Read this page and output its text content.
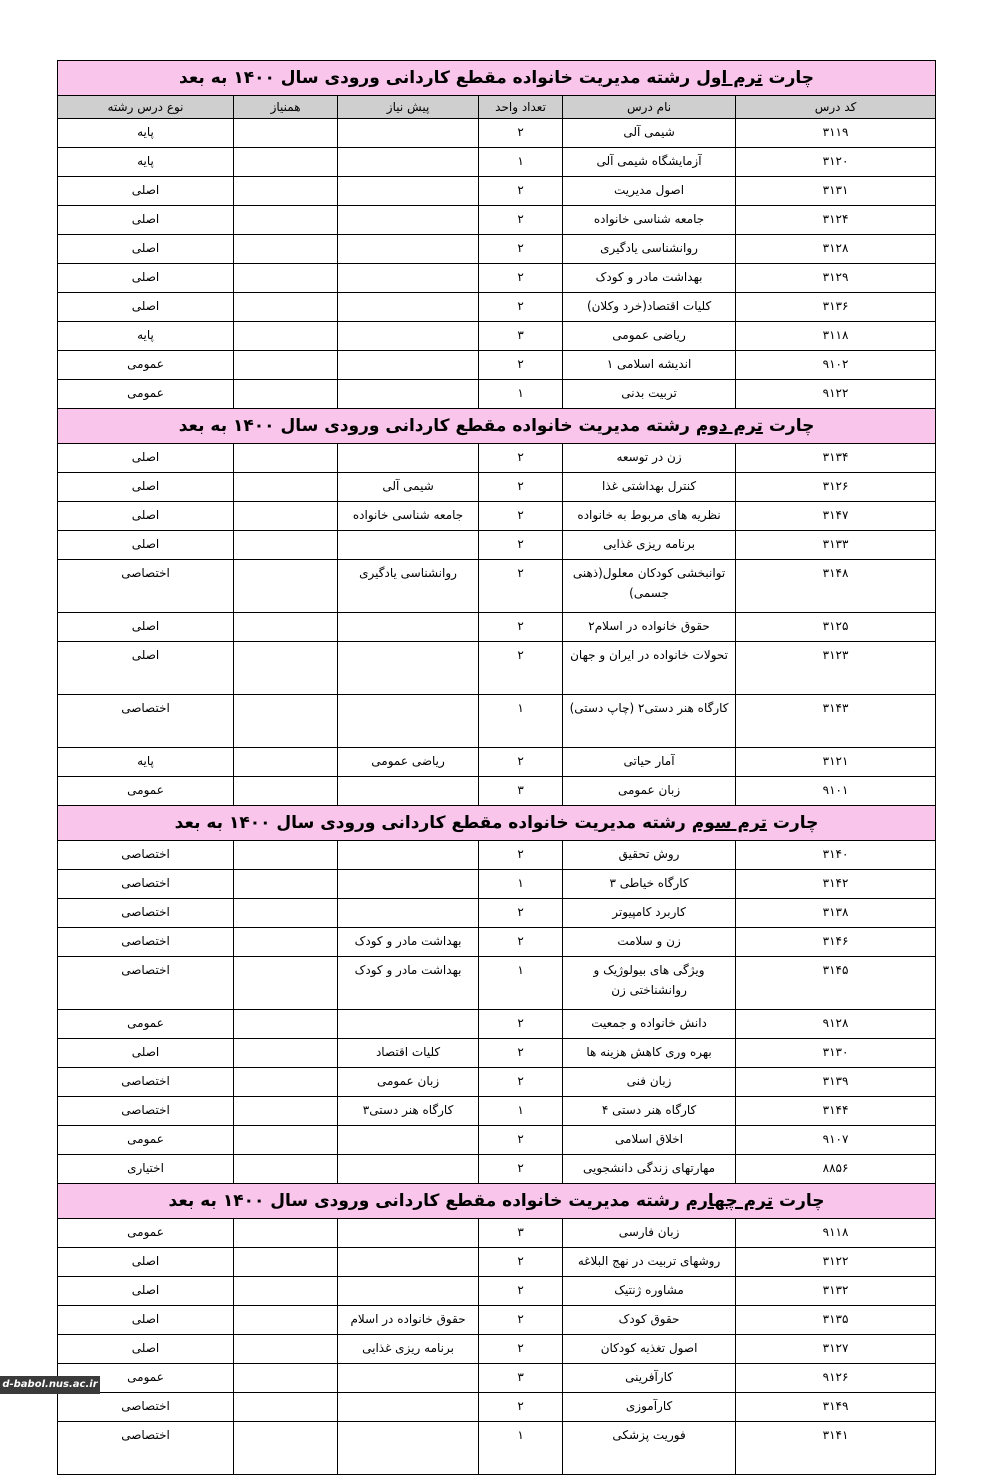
چارت ترم اول رشته مدیریت خانواده مقطع کاردانی ورودی سال ۱۴۰۰ به بعد					
کد درس	نام درس	تعداد واحد	پیش نیاز	همنیاز	نوع درس رشته
۳۱۱۹	شیمی آلی	۲			پایه
۳۱۲۰	آزمایشگاه شیمی آلی	۱			پایه
۳۱۳۱	اصول مدیریت	۲			اصلی
۳۱۲۴	جامعه شناسی خانواده	۲			اصلی
۳۱۲۸	روانشناسی یادگیری	۲			اصلی
۳۱۲۹	بهداشت مادر و کودک	۲			اصلی
۳۱۳۶	کلیات اقتصاد(خرد وکلان)	۲			اصلی
۳۱۱۸	ریاضی عمومی	۳			پایه
۹۱۰۲	اندیشه اسلامی ۱	۲			عمومی
۹۱۲۲	تربیت بدنی	۱			عمومی
چارت ترم دوم رشته مدیریت خانواده مقطع کاردانی ورودی سال ۱۴۰۰ به بعد					
۳۱۳۴	زن در توسعه	۲			اصلی
۳۱۲۶	کنترل بهداشتی غذا	۲	شیمی آلی		اصلی
۳۱۴۷	نظریه های مربوط به خانواده	۲	جامعه شناسی خانواده		اصلی
۳۱۳۳	برنامه ریزی غذایی	۲			اصلی
۳۱۴۸	توانبخشی کودکان معلول(ذهنی جسمی)	۲	روانشناسی یادگیری		اختصاصی
۳۱۲۵	حقوق خانواده در اسلام۲	۲			اصلی
۳۱۲۳	تحولات خانواده در ایران و جهان	۲			اصلی
۳۱۴۳	کارگاه هنر دستی۲ (چاپ دستی)	۱			اختصاصی
۳۱۲۱	آمار حیاتی	۲	ریاضی عمومی		پایه
۹۱۰۱	زبان عمومی	۳			عمومی
چارت ترم سوم رشته مدیریت خانواده مقطع کاردانی ورودی سال ۱۴۰۰ به بعد					
۳۱۴۰	روش تحقیق	۲			اختصاصی
۳۱۴۲	کارگاه خیاطی ۳	۱			اختصاصی
۳۱۳۸	کاربرد کامپیوتر	۲			اختصاصی
۳۱۴۶	زن و سلامت	۲	بهداشت مادر و کودک		اختصاصی
۳۱۴۵	ویژگی های بیولوژیک و روانشناختی زن	۱	بهداشت مادر و کودک		اختصاصی
۹۱۲۸	دانش خانواده و جمعیت	۲			عمومی
۳۱۳۰	بهره وری کاهش هزینه ها	۲	کلیات اقتصاد		اصلی
۳۱۳۹	زبان فنی	۲	زبان عمومی		اختصاصی
۳۱۴۴	کارگاه هنر دستی ۴	۱	کارگاه هنر دستی۳		اختصاصی
۹۱۰۷	اخلاق اسلامی	۲			عمومی
۸۸۵۶	مهارتهای زندگی دانشجویی	۲			اختیاری
چارت ترم چهارم رشته مدیریت خانواده مقطع کاردانی ورودی سال ۱۴۰۰ به بعد					
۹۱۱۸	زبان فارسی	۳			عمومی
۳۱۲۲	روشهای تربیت در نهج البلاغه	۲			اصلی
۳۱۳۲	مشاوره ژنتیک	۲			اصلی
۳۱۳۵	حقوق کودک	۲	حقوق خانواده در اسلام		اصلی
۳۱۲۷	اصول تغذیه کودکان	۲	برنامه ریزی غذایی		اصلی
۹۱۲۶	کارآفرینی	۳			عمومی
۳۱۴۹	کارآموزی	۲			اختصاصی
۳۱۴۱	فوریت پزشکی	۱			اختصاصی
d-babol.nus.ac.ir
